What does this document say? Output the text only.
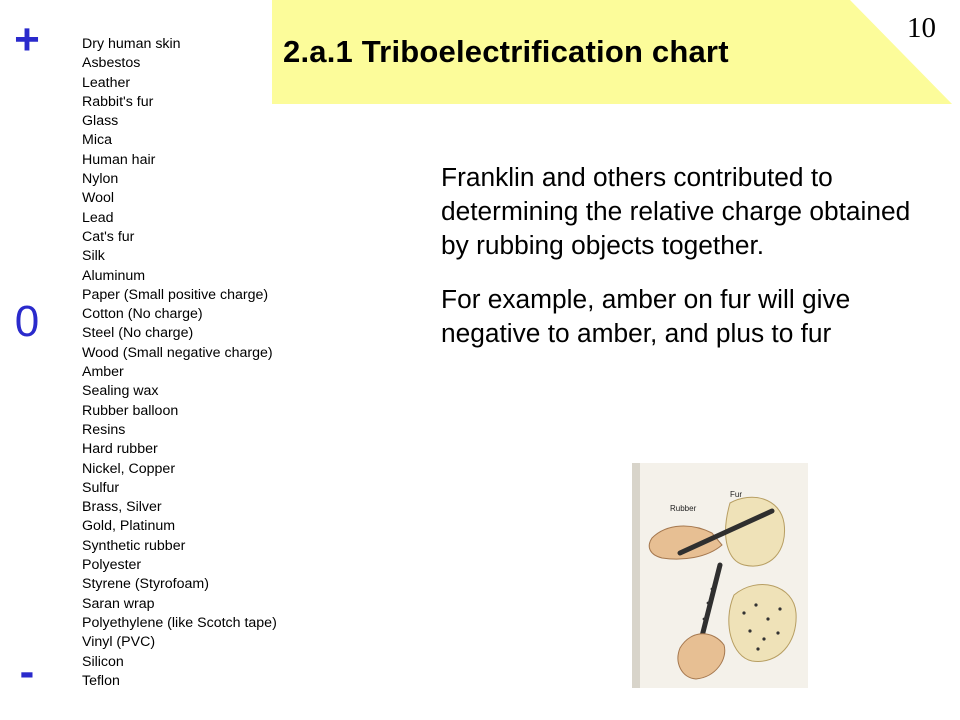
2.a.1 Triboelectrification chart
10
+
0
-
Dry human skin
Asbestos
Leather
Rabbit's fur
Glass
Mica
Human hair
Nylon
Wool
Lead
Cat's fur
Silk
Aluminum
Paper (Small positive charge)
Cotton (No charge)
Steel (No charge)
Wood (Small negative charge)
Amber
Sealing wax
Rubber balloon
Resins
Hard rubber
Nickel, Copper
Sulfur
Brass, Silver
Gold, Platinum
Synthetic rubber
Polyester
Styrene (Styrofoam)
Saran wrap
Polyethylene (like Scotch tape)
Vinyl (PVC)
Silicon
Teflon

Franklin and others contributed to determining the relative charge obtained by rubbing objects together.

For example, amber on fur will give negative to amber, and plus to fur

Fur
Rubber
